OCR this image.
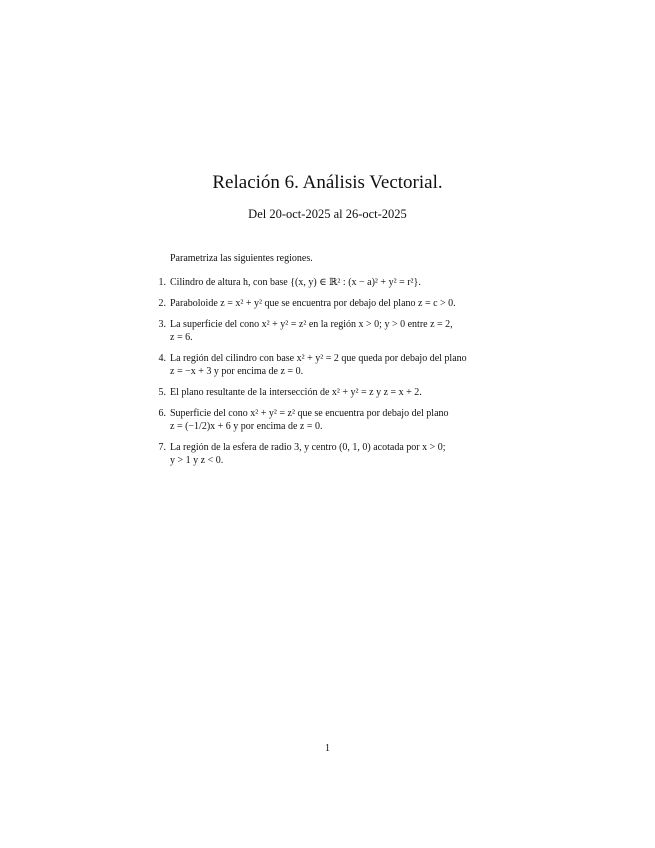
Relación 6. Análisis Vectorial.
Del 20-oct-2025 al 26-oct-2025
Parametriza las siguientes regiones.
1. Cilindro de altura h, con base {(x, y) ∈ ℝ² : (x − a)² + y² = r²}.
2. Paraboloide z = x² + y² que se encuentra por debajo del plano z = c > 0.
3. La superficie del cono x² + y² = z² en la región x > 0; y > 0 entre z = 2,
z = 6.
4. La región del cilindro con base x² + y² = 2 que queda por debajo del plano
z = −x + 3 y por encima de z = 0.
5. El plano resultante de la intersección de x² + y² = z y z = x + 2.
6. Superficie del cono x² + y² = z² que se encuentra por debajo del plano
z = (−1/2)x + 6 y por encima de z = 0.
7. La región de la esfera de radio 3, y centro (0, 1, 0) acotada por x > 0;
y > 1 y z < 0.
1
